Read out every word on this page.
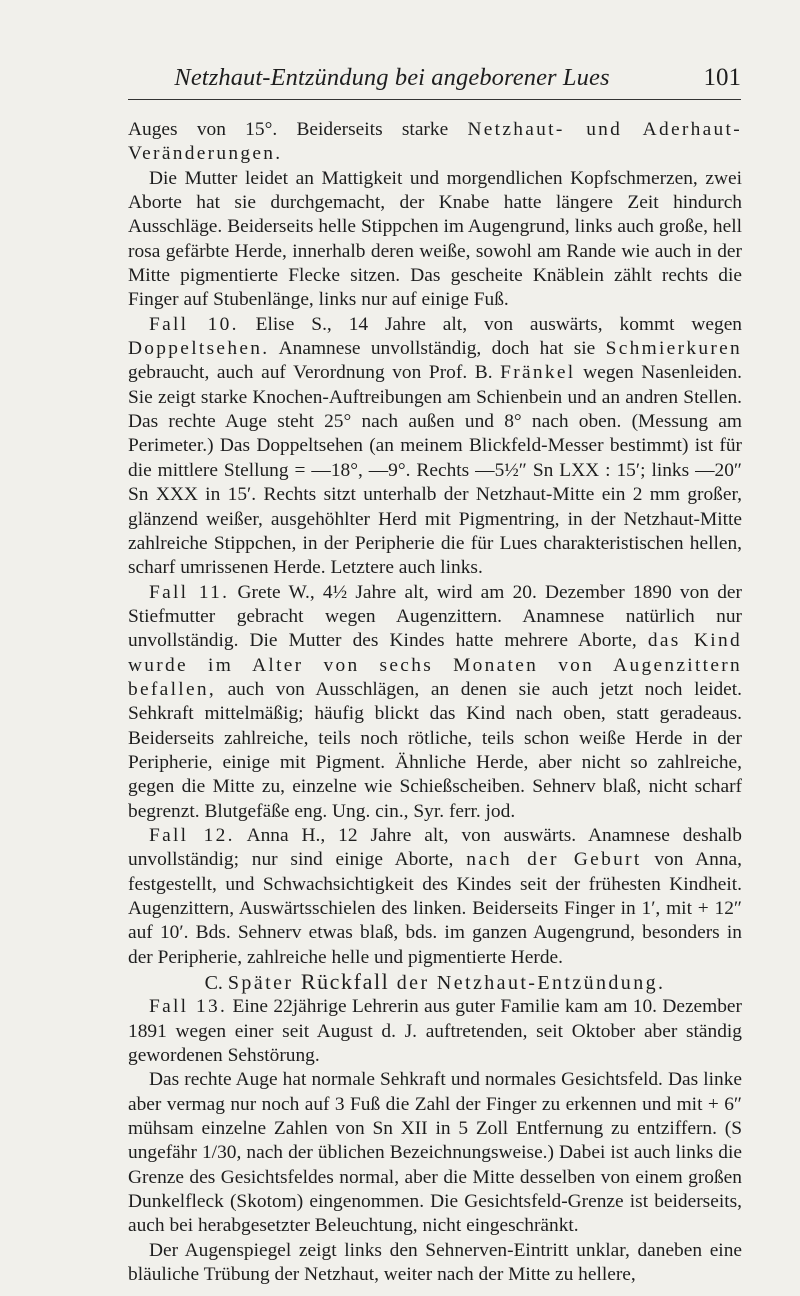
Netzhaut-Entzündung bei angeborener Lues	101

Auges von 15°. Beiderseits starke Netzhaut- und Aderhaut-Veränderungen.

Die Mutter leidet an Mattigkeit und morgendlichen Kopfschmerzen, zwei Aborte hat sie durchgemacht, der Knabe hatte längere Zeit hindurch Ausschläge. Beiderseits helle Stippchen im Augengrund, links auch große, hell rosa gefärbte Herde, innerhalb deren weiße, sowohl am Rande wie auch in der Mitte pigmentierte Flecke sitzen. Das gescheite Knäblein zählt rechts die Finger auf Stubenlänge, links nur auf einige Fuß.

Fall 10. Elise S., 14 Jahre alt, von auswärts, kommt wegen Doppeltsehen. Anamnese unvollständig, doch hat sie Schmierkuren gebraucht, auch auf Verordnung von Prof. B. Fränkel wegen Nasenleiden. Sie zeigt starke Knochen-Auftreibungen am Schienbein und an andren Stellen. Das rechte Auge steht 25° nach außen und 8° nach oben. (Messung am Perimeter.) Das Doppeltsehen (an meinem Blickfeld-Messer bestimmt) ist für die mittlere Stellung = —18°, —9°. Rechts —5½″ Sn LXX : 15′; links —20″ Sn XXX in 15′. Rechts sitzt unterhalb der Netzhaut-Mitte ein 2 mm großer, glänzend weißer, ausgehöhlter Herd mit Pigmentring, in der Netzhaut-Mitte zahlreiche Stippchen, in der Peripherie die für Lues charakteristischen hellen, scharf umrissenen Herde. Letztere auch links.

Fall 11. Grete W., 4½ Jahre alt, wird am 20. Dezember 1890 von der Stiefmutter gebracht wegen Augenzittern. Anamnese natürlich nur unvollständig. Die Mutter des Kindes hatte mehrere Aborte, das Kind wurde im Alter von sechs Monaten von Augenzittern befallen, auch von Ausschlägen, an denen sie auch jetzt noch leidet. Sehkraft mittelmäßig; häufig blickt das Kind nach oben, statt geradeaus. Beiderseits zahlreiche, teils noch rötliche, teils schon weiße Herde in der Peripherie, einige mit Pigment. Ähnliche Herde, aber nicht so zahlreiche, gegen die Mitte zu, einzelne wie Schießscheiben. Sehnerv blaß, nicht scharf begrenzt. Blutgefäße eng. Ung. cin., Syr. ferr. jod.

Fall 12. Anna H., 12 Jahre alt, von auswärts. Anamnese deshalb unvollständig; nur sind einige Aborte, nach der Geburt von Anna, festgestellt, und Schwachsichtigkeit des Kindes seit der frühesten Kindheit. Augenzittern, Auswärtsschielen des linken. Beiderseits Finger in 1′, mit + 12″ auf 10′. Bds. Sehnerv etwas blaß, bds. im ganzen Augengrund, besonders in der Peripherie, zahlreiche helle und pigmentierte Herde.

C. Später Rückfall der Netzhaut-Entzündung.

Fall 13. Eine 22jährige Lehrerin aus guter Familie kam am 10. Dezember 1891 wegen einer seit August d. J. auftretenden, seit Oktober aber ständig gewordenen Sehstörung.

Das rechte Auge hat normale Sehkraft und normales Gesichtsfeld. Das linke aber vermag nur noch auf 3 Fuß die Zahl der Finger zu erkennen und mit + 6″ mühsam einzelne Zahlen von Sn XII in 5 Zoll Entfernung zu entziffern. (S ungefähr 1/30, nach der üblichen Bezeichnungsweise.) Dabei ist auch links die Grenze des Gesichtsfeldes normal, aber die Mitte desselben von einem großen Dunkelfleck (Skotom) eingenommen. Die Gesichtsfeld-Grenze ist beiderseits, auch bei herabgesetzter Beleuchtung, nicht eingeschränkt.

Der Augenspiegel zeigt links den Sehnerven-Eintritt unklar, daneben eine bläuliche Trübung der Netzhaut, weiter nach der Mitte zu hellere,
